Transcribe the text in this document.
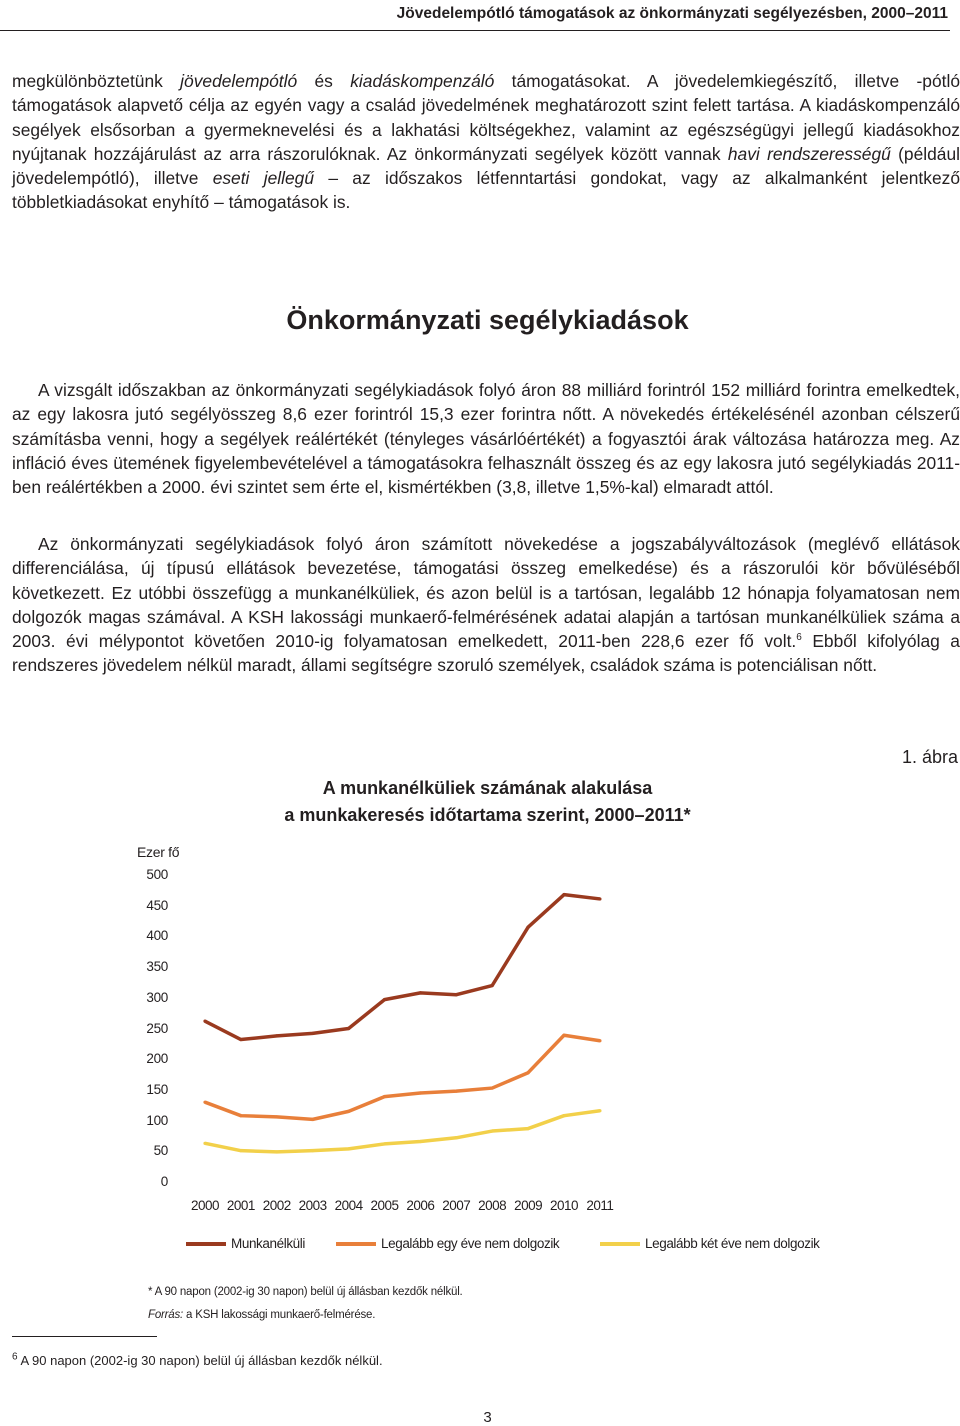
Jövedelempótló támogatások az önkormányzati segélyezésben, 2000–2011

megkülönböztetünk jövedelempótló és kiadáskompenzáló támogatásokat. A jövedelemkiegészítő, illetve -pótló támogatások alapvető célja az egyén vagy a család jövedelmének meghatározott szint felett tartása. A kiadáskompenzáló segélyek elsősorban a gyermeknevelési és a lakhatási költségekhez, valamint az egészségügyi jellegű kiadásokhoz nyújtanak hozzájárulást az arra rászorulóknak. Az önkormányzati segélyek között vannak havi rendszerességű (például jövedelempótló), illetve eseti jellegű – az időszakos létfenntartási gondokat, vagy az alkalmanként jelentkező többletkiadásokat enyhítő – támogatások is.

Önkormányzati segélykiadások

A vizsgált időszakban az önkormányzati segélykiadások folyó áron 88 milliárd forintról 152 milliárd forintra emelkedtek, az egy lakosra jutó segélyösszeg 8,6 ezer forintról 15,3 ezer forintra nőtt. A növekedés értékelésénél azonban célszerű számításba venni, hogy a segélyek reálértékét (tényleges vásárlóértékét) a fogyasztói árak változása határozza meg. Az infláció éves ütemének figyelembevételével a támogatásokra felhasznált összeg és az egy lakosra jutó segélykiadás 2011-ben reálértékben a 2000. évi szintet sem érte el, kismértékben (3,8, illetve 1,5%-kal) elmaradt attól.

Az önkormányzati segélykiadások folyó áron számított növekedése a jogszabályváltozások (meglévő ellátások differenciálása, új típusú ellátások bevezetése, támogatási összeg emelkedése) és a rászorulói kör bővüléséből következett. Ez utóbbi összefügg a munkanélküliek, és azon belül is a tartósan, legalább 12 hónapja folyamatosan nem dolgozók magas számával. A KSH lakossági munkaerő-felmérésének adatai alapján a tartósan munkanélküliek száma a 2003. évi mélypontot követően 2010-ig folyamatosan emelkedett, 2011-ben 228,6 ezer fő volt.$^6$ Ebből kifolyólag a rendszeres jövedelem nélkül maradt, állami segítségre szoruló személyek, családok száma is potenciálisan nőtt.

1. ábra
A munkanélküliek számának alakulása
a munkakeresés időtartama szerint, 2000–2011*
Ezer fő
0
50
100
150
200
250
300
350
400
450
500
2000 2001 2002 2003 2004 2005 2006 2007 2008 2009 2010 2011
Munkanélküli	Legalább egy éve nem dolgozik	Legalább két éve nem dolgozik
* A 90 napon (2002-ig 30 napon) belül új állásban kezdők nélkül.
Forrás: a KSH lakossági munkaerő-felmérése.
$^6$ A 90 napon (2002-ig 30 napon) belül új állásban kezdők nélkül.
3
